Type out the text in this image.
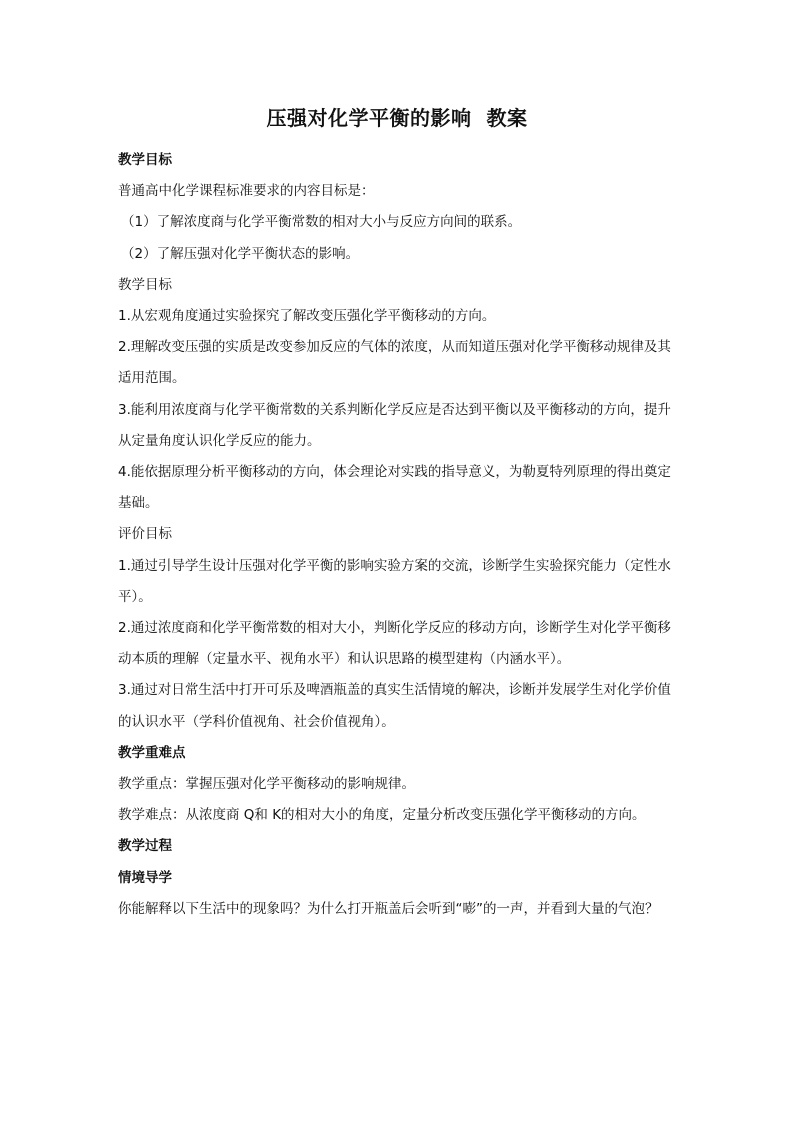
压强对化学平衡的影响  教案

教学目标

普通高中化学课程标准要求的内容目标是：

（1）了解浓度商与化学平衡常数的相对大小与反应方向间的联系。

（2）了解压强对化学平衡状态的影响。

教学目标

1.从宏观角度通过实验探究了解改变压强化学平衡移动的方向。

2.理解改变压强的实质是改变参加反应的气体的浓度，从而知道压强对化学平衡移动规律及其适用范围。

3.能利用浓度商与化学平衡常数的关系判断化学反应是否达到平衡以及平衡移动的方向，提升从定量角度认识化学反应的能力。

4.能依据原理分析平衡移动的方向，体会理论对实践的指导意义，为勒夏特列原理的得出奠定基础。

评价目标

1.通过引导学生设计压强对化学平衡的影响实验方案的交流，诊断学生实验探究能力（定性水平）。

2.通过浓度商和化学平衡常数的相对大小，判断化学反应的移动方向，诊断学生对化学平衡移动本质的理解（定量水平、视角水平）和认识思路的模型建构（内涵水平）。

3.通过对日常生活中打开可乐及啤酒瓶盖的真实生活情境的解决，诊断并发展学生对化学价值的认识水平（学科价值视角、社会价值视角）。

教学重难点

教学重点：掌握压强对化学平衡移动的影响规律。

教学难点：从浓度商 Q和 K的相对大小的角度，定量分析改变压强化学平衡移动的方向。

教学过程

情境导学

你能解释以下生活中的现象吗？为什么打开瓶盖后会听到“嘭”的一声，并看到大量的气泡？
